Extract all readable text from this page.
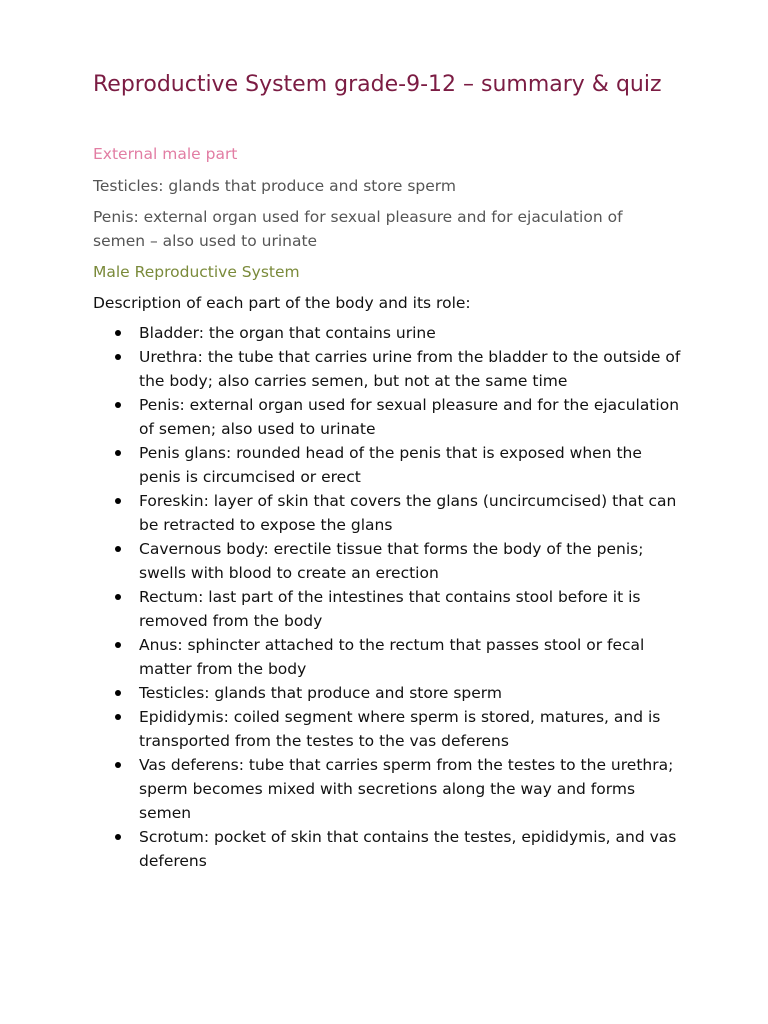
Reproductive System grade-9-12 – summary & quiz

External male part

Testicles: glands that produce and store sperm

Penis: external organ used for sexual pleasure and for ejaculation of semen – also used to urinate

Male Reproductive System

Description of each part of the body and its role:

Bladder: the organ that contains urine
Urethra: the tube that carries urine from the bladder to the outside of the body; also carries semen, but not at the same time
Penis: external organ used for sexual pleasure and for the ejaculation of semen; also used to urinate
Penis glans: rounded head of the penis that is exposed when the penis is circumcised or erect
Foreskin: layer of skin that covers the glans (uncircumcised) that can be retracted to expose the glans
Cavernous body: erectile tissue that forms the body of the penis; swells with blood to create an erection
Rectum: last part of the intestines that contains stool before it is removed from the body
Anus: sphincter attached to the rectum that passes stool or fecal matter from the body
Testicles: glands that produce and store sperm
Epididymis: coiled segment where sperm is stored, matures, and is transported from the testes to the vas deferens
Vas deferens: tube that carries sperm from the testes to the urethra; sperm becomes mixed with secretions along the way and forms semen
Scrotum: pocket of skin that contains the testes, epididymis, and vas deferens
